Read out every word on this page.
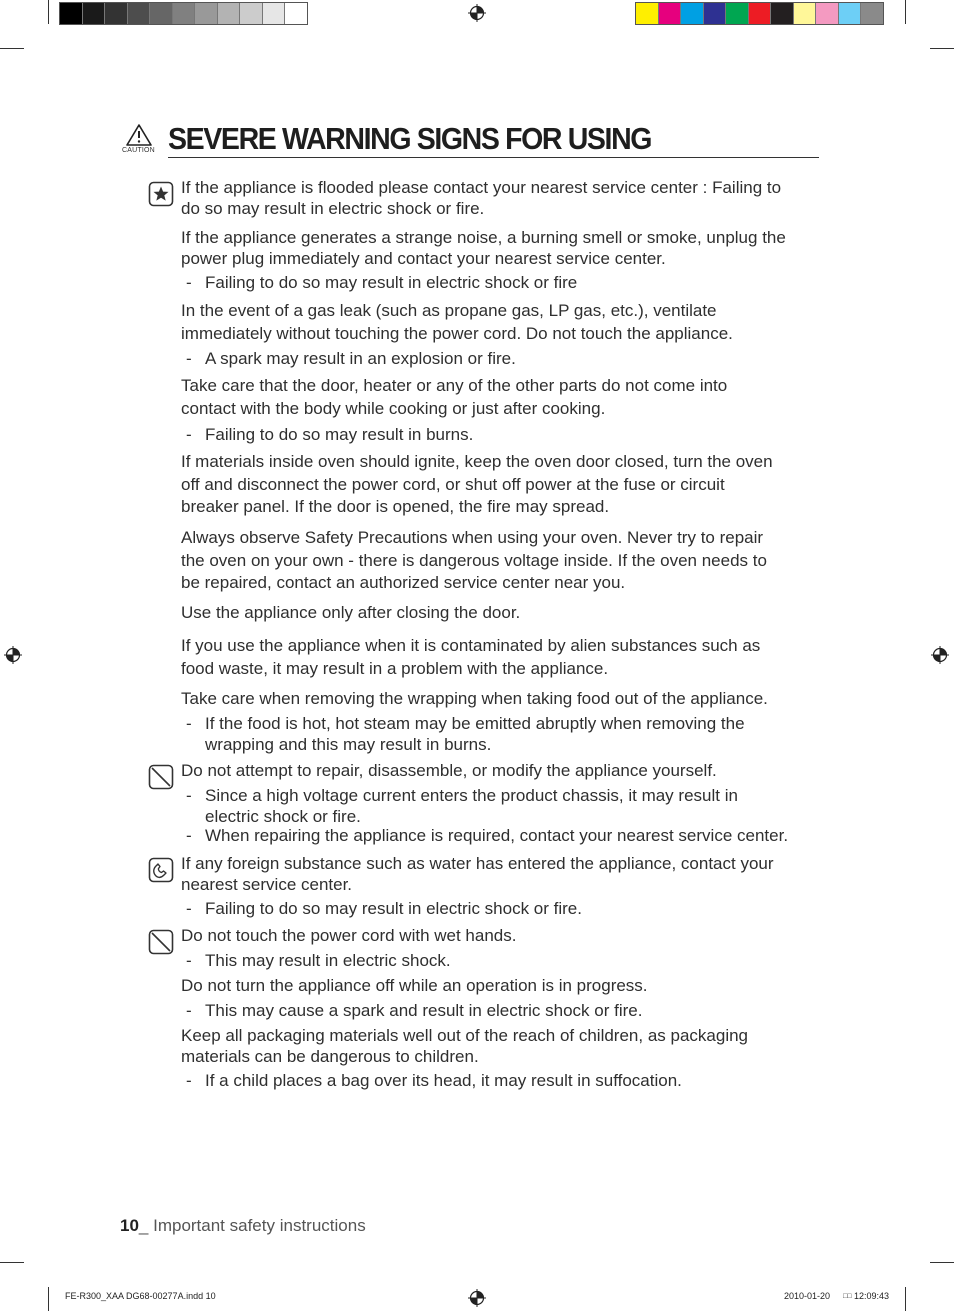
CAUTION SEVERE WARNING SIGNS FOR USING
If the appliance is flooded please contact your nearest service center : Failing to
do so may result in electric shock or fire.
If the appliance generates a strange noise, a burning smell or smoke, unplug the
power plug immediately and contact your nearest service center.
- Failing to do so may result in electric shock or fire
In the event of a gas leak (such as propane gas, LP gas, etc.), ventilate
immediately without touching the power cord. Do not touch the appliance.
- A spark may result in an explosion or fire.
Take care that the door, heater or any of the other parts do not come into
contact with the body while cooking or just after cooking.
- Failing to do so may result in burns.
If materials inside oven should ignite, keep the oven door closed, turn the oven
off and disconnect the power cord, or shut off power at the fuse or circuit
breaker panel. If the door is opened, the fire may spread.
Always observe Safety Precautions when using your oven. Never try to repair
the oven on your own - there is dangerous voltage inside. If the oven needs to
be repaired, contact an authorized service center near you.
Use the appliance only after closing the door.
If you use the appliance when it is contaminated by alien substances such as
food waste, it may result in a problem with the appliance.
Take care when removing the wrapping when taking food out of the appliance.
- If the food is hot, hot steam may be emitted abruptly when removing the
wrapping and this may result in burns.
Do not attempt to repair, disassemble, or modify the appliance yourself.
- Since a high voltage current enters the product chassis, it may result in
electric shock or fire.
- When repairing the appliance is required, contact your nearest service center.
If any foreign substance such as water has entered the appliance, contact your
nearest service center.
- Failing to do so may result in electric shock or fire.
Do not touch the power cord with wet hands.
- This may result in electric shock.
Do not turn the appliance off while an operation is in progress.
- This may cause a spark and result in electric shock or fire.
Keep all packaging materials well out of the reach of children, as packaging
materials can be dangerous to children.
- If a child places a bag over its head, it may result in suffocation.
10_ Important safety instructions
FE-R300_XAA DG68-00277A.indd 10	2010-01-20 □□ 12:09:43
